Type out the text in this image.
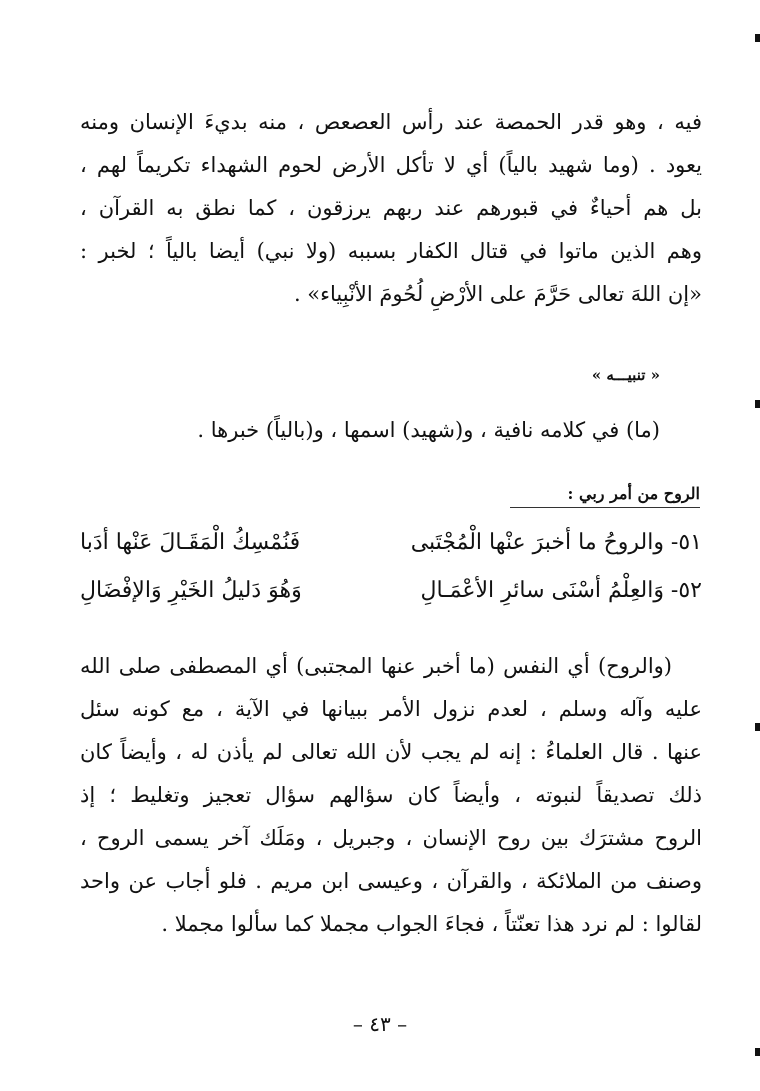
فيه ، وهو قدر الحمصة عند رأس العصعص ، منه بديءَ الإنسان ومنه
يعود . (وما شهيد بالياً) أي لا تأكل الأرض لحوم الشهداء تكريماً لهم ،
بل هم أحياءٌ في قبورهم عند ربهم يرزقون ، كما نطق به القرآن ،
وهم الذين ماتوا في قتال الكفار بسببه (ولا نبي) أيضا بالياً ؛ لخبر :
«إن اللهَ تعالى حَرَّمَ على الأرْضِ لُحُومَ الأنْبِياء» .
« تنبيـــه »
(ما) في كلامه نافية ، و(شهيد) اسمها ، و(بالياً) خبرها .
الروح من أمر ربي :
٥١-
والروحُ ما أخبرَ عنْها الْمُجْتَبى
فَنُمْسِكُ الْمَقَـالَ عَنْها أدَبا
٥٢-
وَالعِلْمُ أسْنَى سائرِ الأعْمَـالِ
وَهُوَ دَليلُ الخَيْرِ وَالإفْضَالِ
(والروح) أي النفس (ما أخبر عنها المجتبى) أي المصطفى صلى الله
عليه وآله وسلم ، لعدم نزول الأمر ببيانها في الآية ، مع كونه سئل
عنها . قال العلماءُ : إنه لم يجب لأن الله تعالى لم يأذن له ، وأيضاً كان
ذلك تصديقاً لنبوته ، وأيضاً كان سؤالهم سؤال تعجيز وتغليط ؛ إذ
الروح مشترَك بين روح الإنسان ، وجبريل ، ومَلَك آخر يسمى الروح ،
وصنف من الملائكة ، والقرآن ، وعيسى ابن مريم . فلو أجاب عن واحد
لقالوا : لم نرد هذا تعنّتاً ، فجاءَ الجواب مجملا كما سألوا مجملا .
– ٤٣ –
